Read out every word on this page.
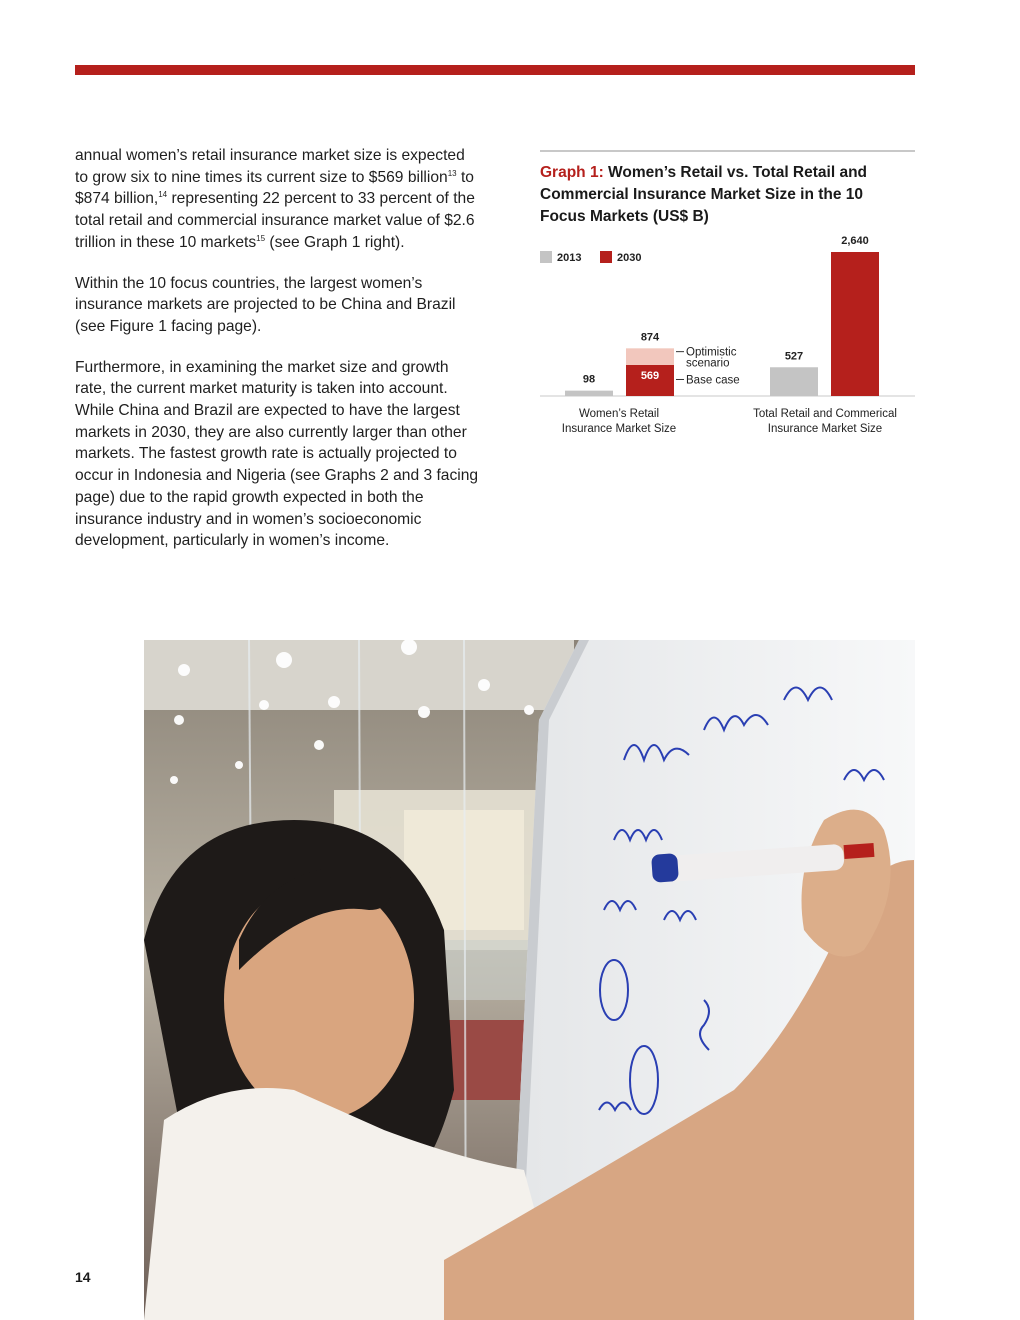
annual women’s retail insurance market size is expected to grow six to nine times its current size to $569 billion$^{13}$ to $874 billion,$^{14}$ representing 22 percent to 33 percent of the total retail and commercial insurance market value of $2.6 trillion in these 10 markets$^{15}$ (see Graph 1 right).

Within the 10 focus countries, the largest women’s insurance markets are projected to be China and Brazil (see Figure 1 facing page).

Furthermore, in examining the market size and growth rate, the current market maturity is taken into account. While China and Brazil are expected to have the largest markets in 2030, they are also currently larger than other markets. The fastest growth rate is actually projected to occur in Indonesia and Nigeria (see Graphs 2 and 3 facing page) due to the rapid growth expected in both the insurance industry and in women’s socioeconomic development, particularly in women’s income.

Graph 1: Women’s Retail vs. Total Retail and Commercial Insurance Market Size in the 10 Focus Markets (US$ B)
2013	2030
98
874
569
Optimistic
scenario
Base case
Women’s Retail
Insurance Market Size
527
2,640
Total Retail and Commerical
Insurance Market Size
14
